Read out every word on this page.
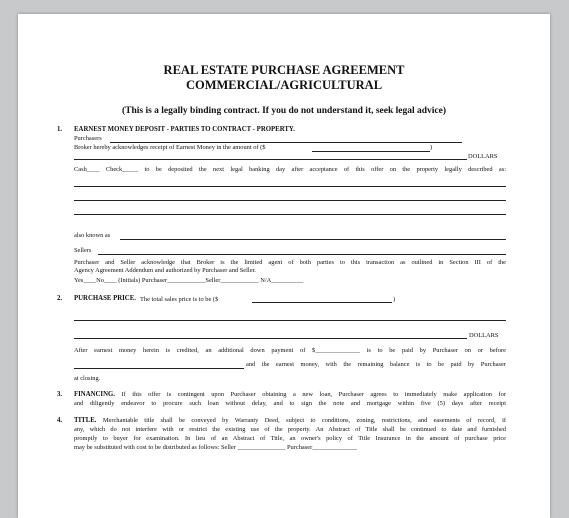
REAL ESTATE PURCHASE AGREEMENT
COMMERCIAL/AGRICULTURAL
(This is a legally binding contract. If you do not understand it, seek legal advice)
1. EARNEST MONEY DEPOSIT - PARTIES TO CONTRACT - PROPERTY.
Purchasers
Broker hereby acknowledges receipt of Earnest Money in the amount of ($	)
DOLLARS
Cash____ Check_____ to be deposited the next legal banking day after acceptance of this offer on the property legally described as:
also known as
Sellers
Purchaser and Seller acknowledge that Broker is the limited agent of both parties to this transaction as outlined in Section III of the
Agency Agreement Addendum and authorized by Purchaser and Seller.
Yes____No____ (Initials) Purchaser____________Seller____________ N/A__________
2. PURCHASE PRICE. The total sales price is to be ($	)
DOLLARS
After earnest money herein is credited, an additional down payment of $______________ is to be paid by Purchaser on or before
and the earnest money, with the remaining balance is to be paid by Purchaser
at closing.
3. FINANCING. If this offer is contingent upon Purchaser obtaining a new loan, Purchaser agrees to immediately make application for
and diligently endeavor to procure such loan without delay, and to sign the note and mortgage within five (5) days after receipt
4. TITLE. Merchantable title shall be conveyed by Warranty Deed, subject to conditions, zoning, restrictions, and easements of record, if
any, which do not interfere with or restrict the existing use of the property. An Abstract of Title shall be continued to date and furnished
promptly to buyer for examination. In lieu of an Abstract of Title, an owner's policy of Title Insurance in the amount of purchase price
may be substituted with cost to be distributed as follows: Seller _______________ Purchaser______________
